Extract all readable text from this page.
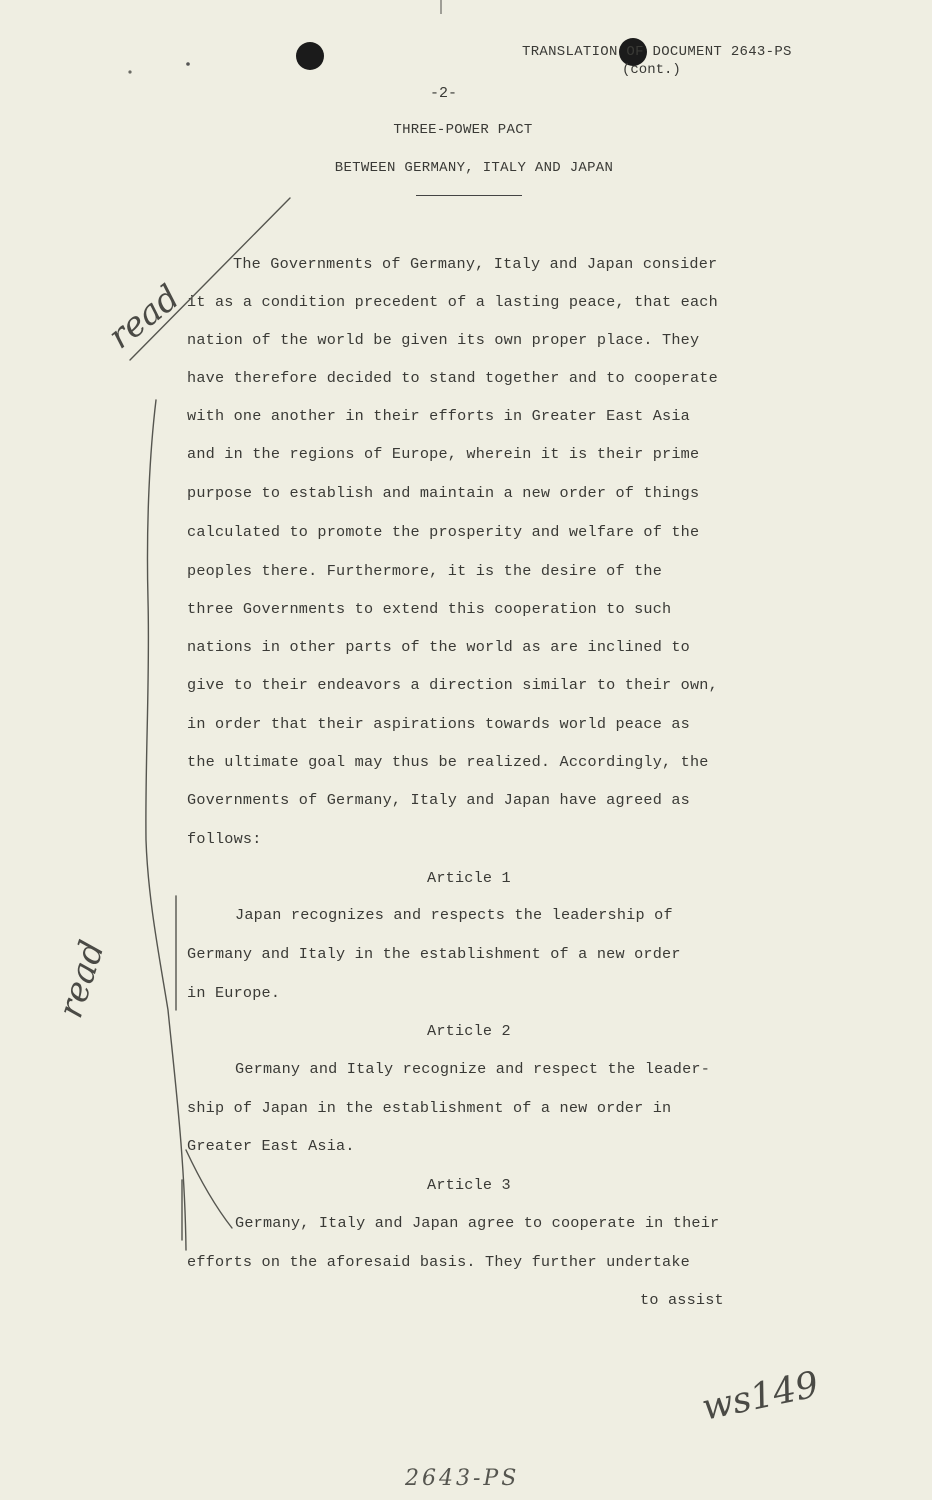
TRANSLATION OF DOCUMENT 2643-PS
(cont.)
-2-
THREE-POWER PACT
BETWEEN GERMANY, ITALY AND JAPAN
The Governments of Germany, Italy and Japan consider
it as a condition precedent of a lasting peace, that each
nation of the world be given its own proper place. They
have therefore decided to stand together and to cooperate
with one another in their efforts in Greater East Asia
and in the regions of Europe, wherein it is their prime
purpose to establish and maintain a new order of things
calculated to promote the prosperity and welfare of the
peoples there. Furthermore, it is the desire of the
three Governments to extend this cooperation to such
nations in other parts of the world as are inclined to
give to their endeavors a direction similar to their own,
in order that their aspirations towards world peace as
the ultimate goal may thus be realized. Accordingly, the
Governments of Germany, Italy and Japan have agreed as
follows:
Article 1
Japan recognizes and respects the leadership of
Germany and Italy in the establishment of a new order
in Europe.
Article 2
Germany and Italy recognize and respect the leader-
ship of Japan in the establishment of a new order in
Greater East Asia.
Article 3
Germany, Italy and Japan agree to cooperate in their
efforts on the aforesaid basis. They further undertake
to assist
read
read
ws149
2643-PS
